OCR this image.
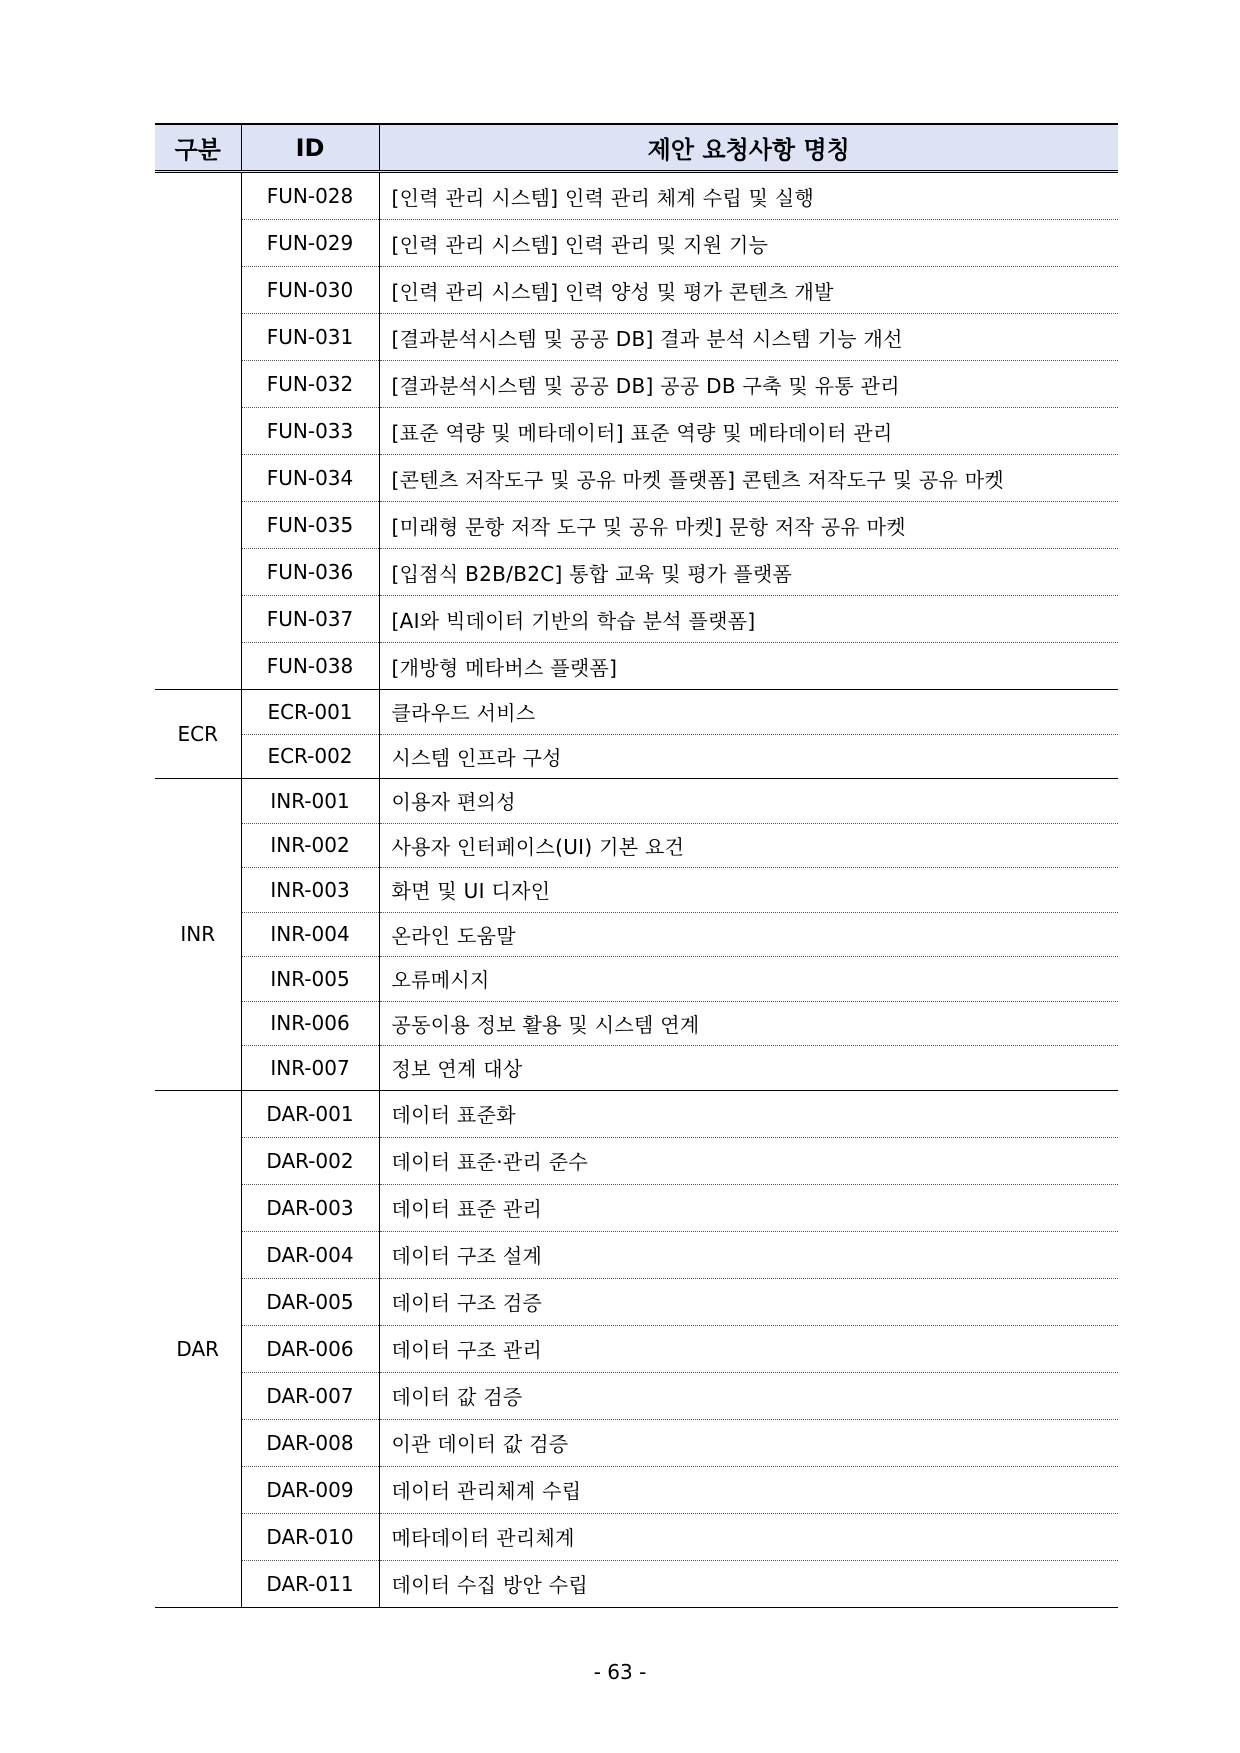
구분	ID	제안 요청사항 명칭
	FUN-028	[인력 관리 시스템] 인력 관리 체계 수립 및 실행
	FUN-029	[인력 관리 시스템] 인력 관리 및 지원 기능
	FUN-030	[인력 관리 시스템] 인력 양성 및 평가 콘텐츠 개발
	FUN-031	[결과분석시스템 및 공공 DB] 결과 분석 시스템 기능 개선
	FUN-032	[결과분석시스템 및 공공 DB] 공공 DB 구축 및 유통 관리
	FUN-033	[표준 역량 및 메타데이터] 표준 역량 및 메타데이터 관리
	FUN-034	[콘텐츠 저작도구 및 공유 마켓 플랫폼] 콘텐츠 저작도구 및 공유 마켓
	FUN-035	[미래형 문항 저작 도구 및 공유 마켓] 문항 저작 공유 마켓
	FUN-036	[입점식 B2B/B2C] 통합 교육 및 평가 플랫폼
	FUN-037	[AI와 빅데이터 기반의 학습 분석 플랫폼]
	FUN-038	[개방형 메타버스 플랫폼]
ECR	ECR-001	클라우드 서비스
	ECR-002	시스템 인프라 구성
INR	INR-001	이용자 편의성
	INR-002	사용자 인터페이스(UI) 기본 요건
	INR-003	화면 및 UI 디자인
	INR-004	온라인 도움말
	INR-005	오류메시지
	INR-006	공동이용 정보 활용 및 시스템 연계
	INR-007	정보 연계 대상
DAR	DAR-001	데이터 표준화
	DAR-002	데이터 표준·관리 준수
	DAR-003	데이터 표준 관리
	DAR-004	데이터 구조 설계
	DAR-005	데이터 구조 검증
	DAR-006	데이터 구조 관리
	DAR-007	데이터 값 검증
	DAR-008	이관 데이터 값 검증
	DAR-009	데이터 관리체계 수립
	DAR-010	메타데이터 관리체계
	DAR-011	데이터 수집 방안 수립
- 63 -
